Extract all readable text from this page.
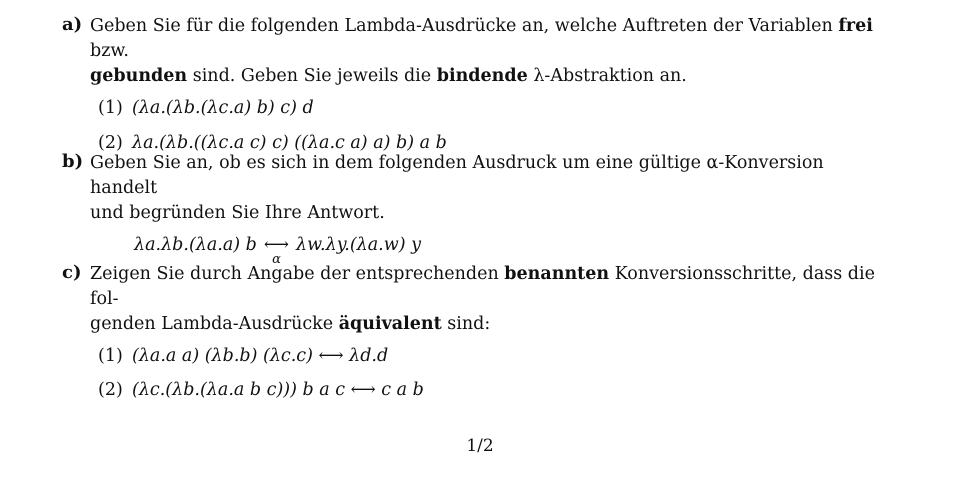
a) Geben Sie für die folgenden Lambda-Ausdrücke an, welche Auftreten der Variablen frei bzw.
gebunden sind. Geben Sie jeweils die bindende λ-Abstraktion an.
(1) (λa.(λb.(λc.a) b) c) d
(2) λa.(λb.((λc.a c) c) ((λa.c a) a) b) a b
b) Geben Sie an, ob es sich in dem folgenden Ausdruck um eine gültige α-Konversion handelt
und begründen Sie Ihre Antwort.
λa.λb.(λa.a) b ⟷
α
λw.λy.(λa.w) y
c) Zeigen Sie durch Angabe der entsprechenden benannten Konversionsschritte, dass die fol-
genden Lambda-Ausdrücke äquivalent sind:
(1) (λa.a a) (λb.b) (λc.c) ⟷ λd.d
(2) (λc.(λb.(λa.a b c))) b a c ⟷ c a b
1/2
